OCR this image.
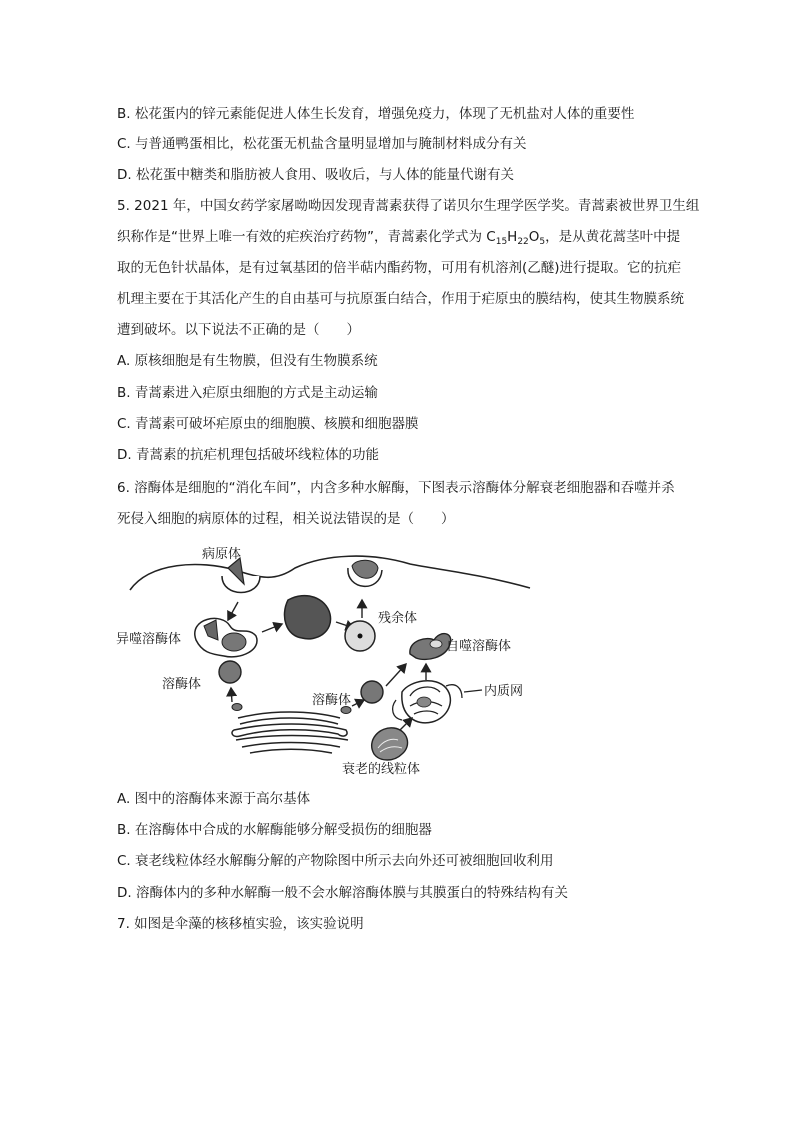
B. 松花蛋内的锌元素能促进人体生长发育，增强免疫力，体现了无机盐对人体的重要性
C. 与普通鸭蛋相比，松花蛋无机盐含量明显增加与腌制材料成分有关
D. 松花蛋中糖类和脂肪被人食用、吸收后，与人体的能量代谢有关
5. 2021 年，中国女药学家屠呦呦因发现青蒿素获得了诺贝尔生理学医学奖。青蒿素被世界卫生组
织称作是“世界上唯一有效的疟疾治疗药物”，青蒿素化学式为 $C_{15}H_{22}O_5$，是从黄花蒿茎叶中提
取的无色针状晶体，是有过氧基团的倍半萜内酯药物，可用有机溶剂(乙醚)进行提取。它的抗疟
机理主要在于其活化产生的自由基可与抗原蛋白结合，作用于疟原虫的膜结构，使其生物膜系统
遭到破坏。以下说法不正确的是（　　）
A. 原核细胞是有生物膜，但没有生物膜系统
B. 青蒿素进入疟原虫细胞的方式是主动运输
C. 青蒿素可破坏疟原虫的细胞膜、核膜和细胞器膜
D. 青蒿素的抗疟机理包括破坏线粒体的功能
6. 溶酶体是细胞的“消化车间”，内含多种水解酶，下图表示溶酶体分解衰老细胞器和吞噬并杀
死侵入细胞的病原体的过程，相关说法错误的是（　　）
病原体
异噬溶酶体
残余体
溶酶体
溶酶体
自噬溶酶体
内质网
衰老的线粒体
A. 图中的溶酶体来源于高尔基体
B. 在溶酶体中合成的水解酶能够分解受损伤的细胞器
C. 衰老线粒体经水解酶分解的产物除图中所示去向外还可被细胞回收利用
D. 溶酶体内的多种水解酶一般不会水解溶酶体膜与其膜蛋白的特殊结构有关
7. 如图是伞藻的核移植实验，该实验说明
